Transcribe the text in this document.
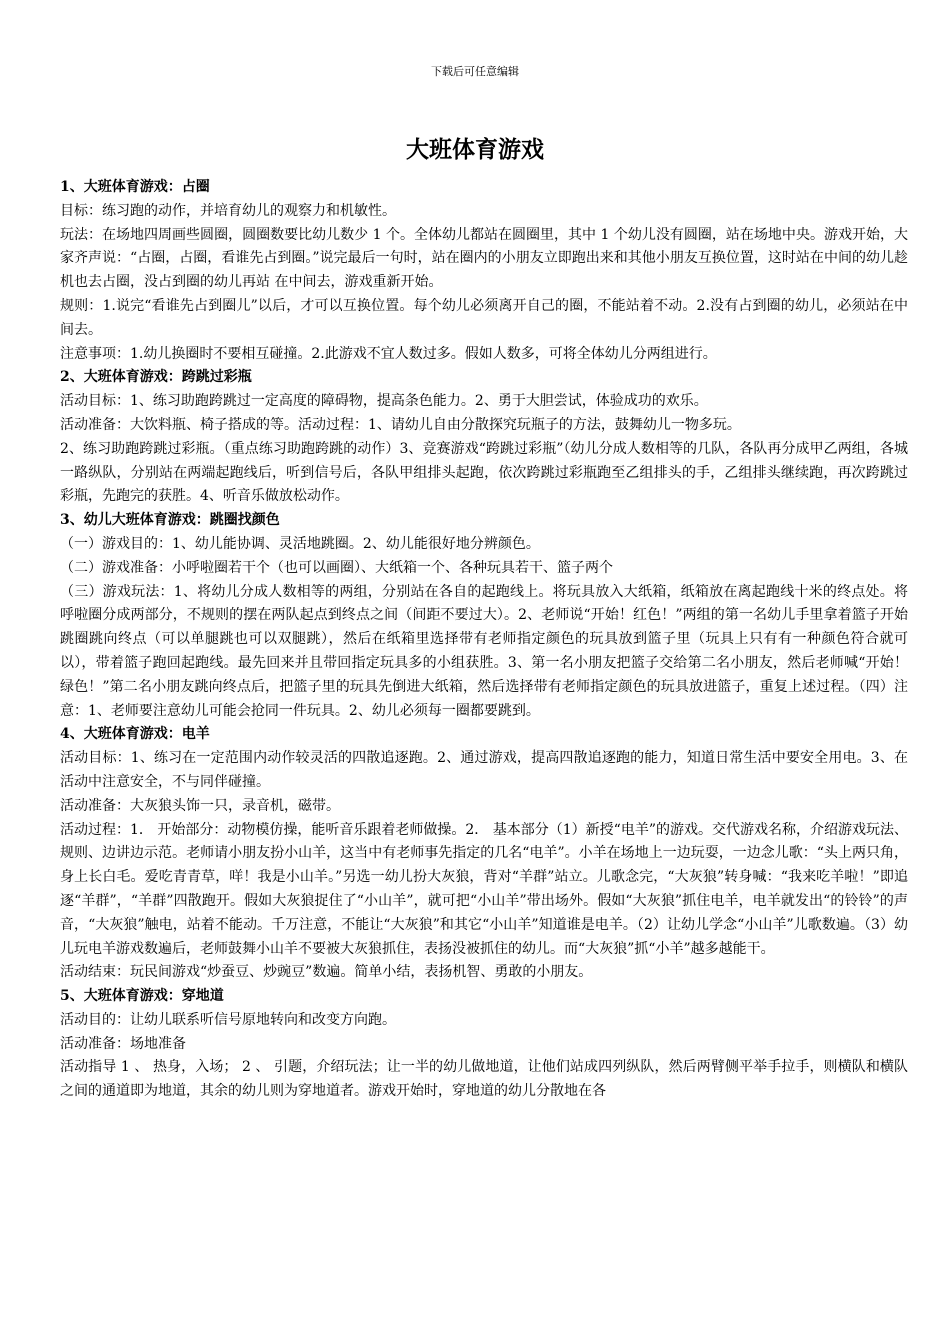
下载后可任意编辑
大班体育游戏
1、大班体育游戏：占圈

目标：练习跑的动作，并培育幼儿的观察力和机敏性。

玩法：在场地四周画些圆圈，圆圈数要比幼儿数少 1 个。全体幼儿都站在圆圈里，其中 1 个幼儿没有圆圈，站在场地中央。游戏开始，大家齐声说：“占圈，占圈，看谁先占到圈。”说完最后一句时，站在圈内的小朋友立即跑出来和其他小朋友互换位置，这时站在中间的幼儿趁机也去占圈，没占到圈的幼儿再站 在中间去，游戏重新开始。

规则：1.说完“看谁先占到圈儿”以后，才可以互换位置。每个幼儿必须离开自己的圈，不能站着不动。2.没有占到圈的幼儿，必须站在中间去。

注意事项：1.幼儿换圈时不要相互碰撞。2.此游戏不宜人数过多。假如人数多，可将全体幼儿分两组进行。

2、大班体育游戏：跨跳过彩瓶

活动目标：1、练习助跑跨跳过一定高度的障碍物，提高条色能力。2、勇于大胆尝试，体验成功的欢乐。

活动准备：大饮料瓶、椅子搭成的等。活动过程：1、请幼儿自由分散探究玩瓶子的方法，鼓舞幼儿一物多玩。

2、练习助跑跨跳过彩瓶。（重点练习助跑跨跳的动作）3、竞赛游戏“跨跳过彩瓶”（幼儿分成人数相等的几队，各队再分成甲乙两组，各城一路纵队，分别站在两端起跑线后，听到信号后，各队甲组排头起跑，依次跨跳过彩瓶跑至乙组排头的手，乙组排头继续跑，再次跨跳过彩瓶，先跑完的获胜。4、听音乐做放松动作。

3、幼儿大班体育游戏：跳圈找颜色

（一）游戏目的：1、幼儿能协调、灵活地跳圈。2、幼儿能很好地分辨颜色。

（二）游戏准备：小呼啦圈若干个（也可以画圈）、大纸箱一个、各种玩具若干、篮子两个

（三）游戏玩法：1、将幼儿分成人数相等的两组，分别站在各自的起跑线上。将玩具放入大纸箱，纸箱放在离起跑线十米的终点处。将呼啦圈分成两部分，不规则的摆在两队起点到终点之间（间距不要过大）。2、老师说“开始！红色！”两组的第一名幼儿手里拿着篮子开始跳圈跳向终点（可以单腿跳也可以双腿跳），然后在纸箱里选择带有老师指定颜色的玩具放到篮子里（玩具上只有有一种颜色符合就可以），带着篮子跑回起跑线。最先回来并且带回指定玩具多的小组获胜。3、第一名小朋友把篮子交给第二名小朋友，然后老师喊“开始！绿色！”第二名小朋友跳向终点后，把篮子里的玩具先倒进大纸箱，然后选择带有老师指定颜色的玩具放进篮子，重复上述过程。（四）注意：1、老师要注意幼儿可能会抢同一件玩具。2、幼儿必须每一圈都要跳到。

4、大班体育游戏：电羊

活动目标：1、练习在一定范围内动作较灵活的四散追逐跑。2、通过游戏，提高四散追逐跑的能力，知道日常生活中要安全用电。3、在活动中注意安全，不与同伴碰撞。

活动准备：大灰狼头饰一只，录音机，磁带。

活动过程：1． 开始部分：动物模仿操，能听音乐跟着老师做操。2． 基本部分（1）新授“电羊”的游戏。交代游戏名称，介绍游戏玩法、规则、边讲边示范。老师请小朋友扮小山羊，这当中有老师事先指定的几名“电羊”。小羊在场地上一边玩耍，一边念儿歌：“头上两只角，身上长白毛。爱吃青青草，咩！我是小山羊。”另选一幼儿扮大灰狼，背对“羊群”站立。儿歌念完，“大灰狼”转身喊：“我来吃羊啦！”即追逐“羊群”，“羊群”四散跑开。假如大灰狼捉住了“小山羊”，就可把“小山羊”带出场外。假如“大灰狼”抓住电羊，电羊就发出“的铃铃”的声音，“大灰狼”触电，站着不能动。千万注意，不能让“大灰狼”和其它“小山羊”知道谁是电羊。（2）让幼儿学念“小山羊”儿歌数遍。（3）幼儿玩电羊游戏数遍后，老师鼓舞小山羊不要被大灰狼抓住，表扬没被抓住的幼儿。而“大灰狼”抓“小羊”越多越能干。

活动结束：玩民间游戏“炒蚕豆、炒豌豆”数遍。简单小结，表扬机智、勇敢的小朋友。

5、大班体育游戏：穿地道

活动目的：让幼儿联系听信号原地转向和改变方向跑。

活动准备：场地准备

活动指导 1 、 热身，入场； 2 、 引题，介绍玩法；让一半的幼儿做地道，让他们站成四列纵队，然后两臂侧平举手拉手，则横队和横队之间的通道即为地道，其余的幼儿则为穿地道者。游戏开始时，穿地道的幼儿分散地在各
